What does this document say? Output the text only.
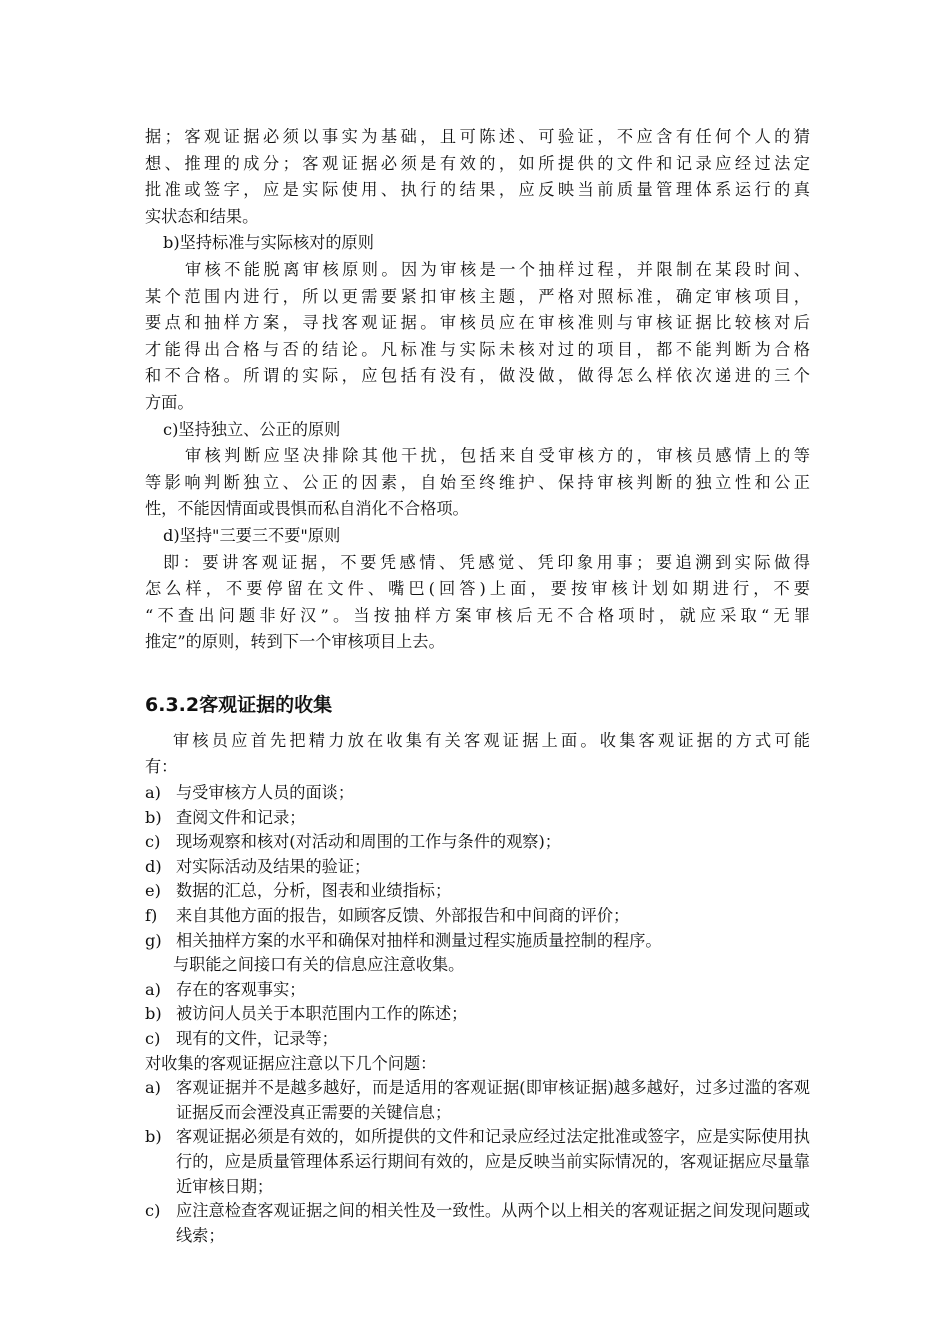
据；客观证据必须以事实为基础，且可陈述、可验证，不应含有任何个人的猜

想、推理的成分；客观证据必须是有效的，如所提供的文件和记录应经过法定

批准或签字，应是实际使用、执行的结果，应反映当前质量管理体系运行的真

实状态和结果。

b)坚持标准与实际核对的原则

审核不能脱离审核原则。因为审核是一个抽样过程，并限制在某段时间、

某个范围内进行，所以更需要紧扣审核主题，严格对照标准，确定审核项目，

要点和抽样方案，寻找客观证据。审核员应在审核准则与审核证据比较核对后

才能得出合格与否的结论。凡标准与实际未核对过的项目，都不能判断为合格

和不合格。所谓的实际，应包括有没有，做没做，做得怎么样依次递进的三个

方面。

c)坚持独立、公正的原则

审核判断应坚决排除其他干扰，包括来自受审核方的，审核员感情上的等

等影响判断独立、公正的因素，自始至终维护、保持审核判断的独立性和公正

性，不能因情面或畏惧而私自消化不合格项。

d)坚持"三要三不要"原则

即：要讲客观证据，不要凭感情、凭感觉、凭印象用事；要追溯到实际做得

怎么样，不要停留在文件、嘴巴(回答)上面，要按审核计划如期进行，不要

“不查出问题非好汉”。当按抽样方案审核后无不合格项时，就应采取“无罪

推定”的原则，转到下一个审核项目上去。

6.3.2客观证据的收集

审核员应首先把精力放在收集有关客观证据上面。收集客观证据的方式可能

有：

a) 与受审核方人员的面谈；
b) 查阅文件和记录；
c) 现场观察和核对(对活动和周围的工作与条件的观察)；
d) 对实际活动及结果的验证；
e) 数据的汇总，分析，图表和业绩指标；
f)	来自其他方面的报告，如顾客反馈、外部报告和中间商的评价；
g) 相关抽样方案的水平和确保对抽样和测量过程实施质量控制的程序。

与职能之间接口有关的信息应注意收集。

a) 存在的客观事实；
b) 被访问人员关于本职范围内工作的陈述；
c) 现有的文件，记录等；

对收集的客观证据应注意以下几个问题：

a) 客观证据并不是越多越好，而是适用的客观证据(即审核证据)越多越好，过多过滥的客观证据反而会湮没真正需要的关键信息；
b) 客观证据必须是有效的，如所提供的文件和记录应经过法定批准或签字，应是实际使用执行的，应是质量管理体系运行期间有效的，应是反映当前实际情况的，客观证据应尽量靠近审核日期；
c) 应注意检查客观证据之间的相关性及一致性。从两个以上相关的客观证据之间发现问题或线索；
